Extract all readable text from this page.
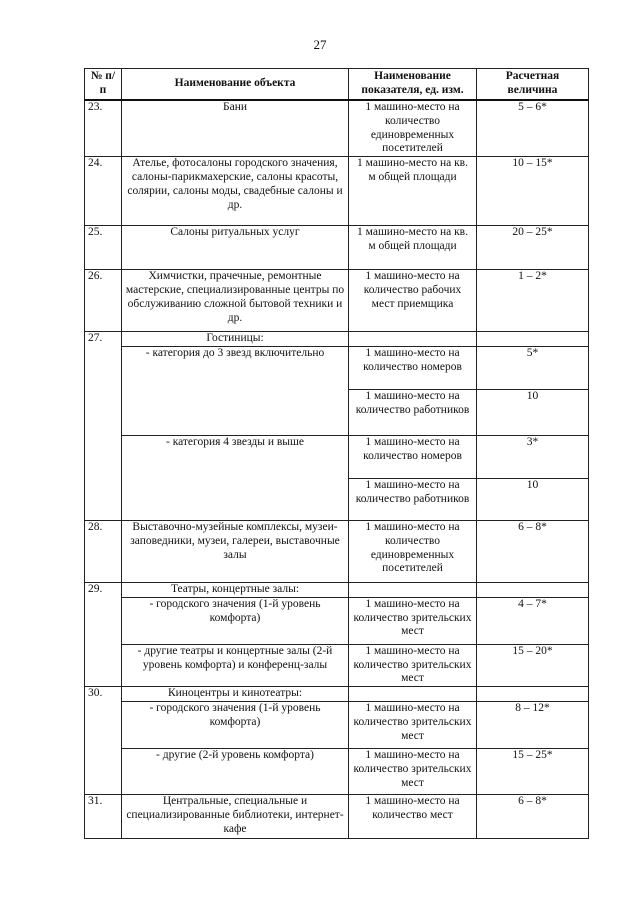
27
№ п/п	Наименование объекта	Наименование показателя, ед. изм.	Расчетная величина
23.	Бани	1 машино-место на количество единовременных посетителей	5 – 6*
24.	Ателье, фотосалоны городского значения, салоны-парикмахерские, салоны красоты, солярии, салоны моды, свадебные салоны и др.	1 машино-место на кв. м общей площади	10 – 15*
25.	Салоны ритуальных услуг	1 машино-место на кв. м общей площади	20 – 25*
26.	Химчистки, прачечные, ремонтные мастерские, специализированные центры по обслуживанию сложной бытовой техники и др.	1 машино-место на количество рабочих мест приемщика	1 – 2*
27.	Гостиницы:		
	- категория до 3 звезд включительно	1 машино-место на количество номеров	5*
		1 машино-место на количество работников	10
	- категория 4 звезды и выше	1 машино-место на количество номеров	3*
		1 машино-место на количество работников	10
28.	Выставочно-музейные комплексы, музеи-заповедники, музеи, галереи, выставочные залы	1 машино-место на количество единовременных посетителей	6 – 8*
29.	Театры, концертные залы:		
	- городского значения (1-й уровень комфорта)	1 машино-место на количество зрительских мест	4 – 7*
	- другие театры и концертные залы (2-й уровень комфорта) и конференц-залы	1 машино-место на количество зрительских мест	15 – 20*
30.	Киноцентры и кинотеатры:		
	- городского значения (1-й уровень комфорта)	1 машино-место на количество зрительских мест	8 – 12*
	- другие (2-й уровень комфорта)	1 машино-место на количество зрительских мест	15 – 25*
31.	Центральные, специальные и специализированные библиотеки, интернет-кафе	1 машино-место на количество мест	6 – 8*
